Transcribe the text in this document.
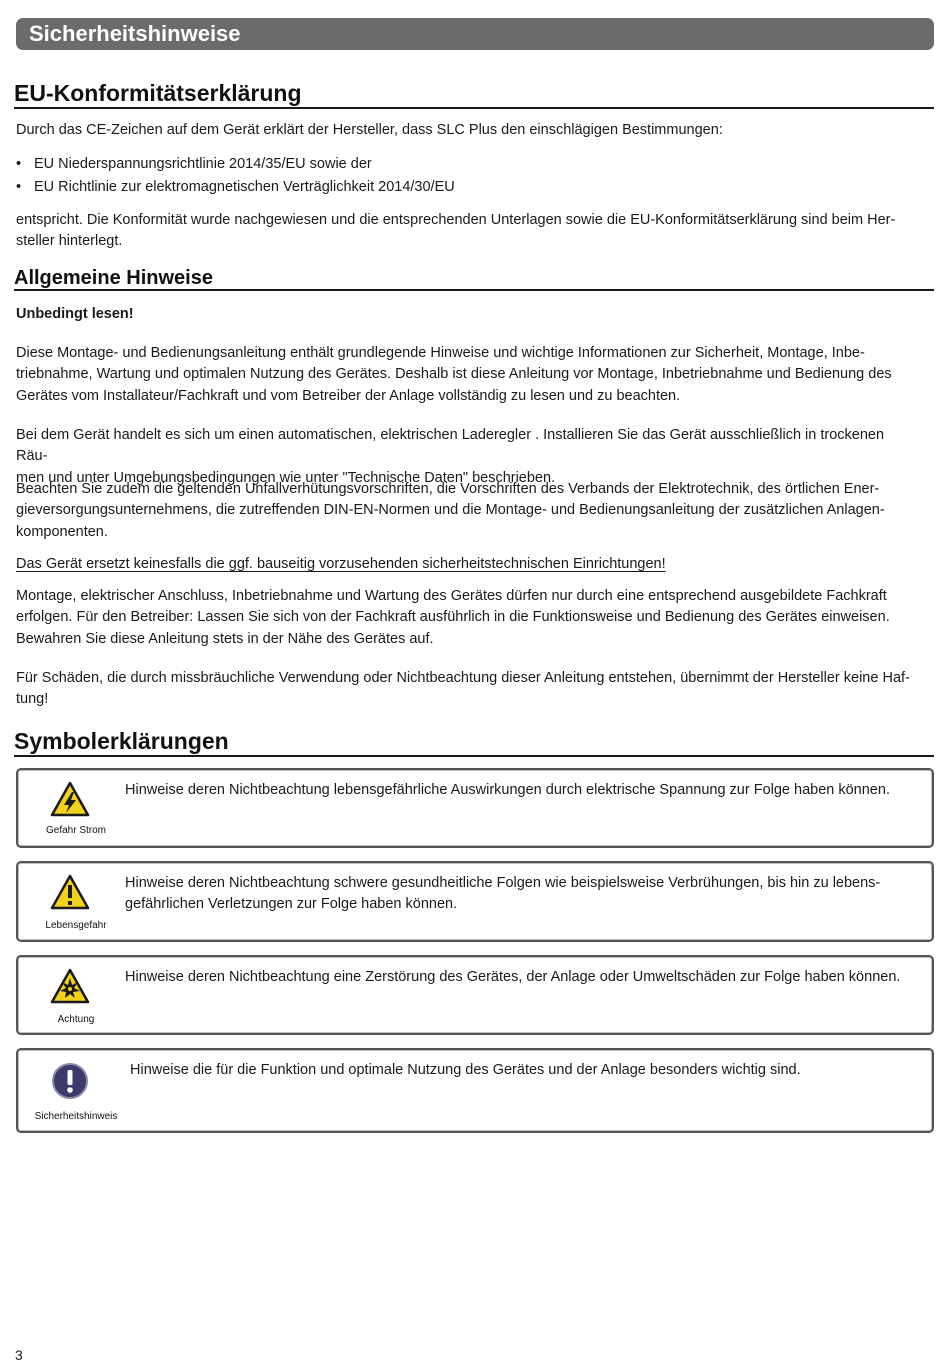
Sicherheitshinweise
EU-Konformitätserklärung

Durch das CE-Zeichen auf dem Gerät erklärt der Hersteller, dass SLC Plus den einschlägigen Bestimmungen:

• EU Niederspannungsrichtlinie 2014/35/EU sowie der
• EU Richtlinie zur elektromagnetischen Verträglichkeit 2014/30/EU

entspricht. Die Konformität wurde nachgewiesen und die entsprechenden Unterlagen sowie die EU-Konformitätserklärung sind beim Her-
steller hinterlegt.

Allgemeine Hinweise

Unbedingt lesen!

Diese Montage- und Bedienungsanleitung enthält grundlegende Hinweise und wichtige Informationen zur Sicherheit, Montage, Inbe-
triebnahme, Wartung und optimalen Nutzung des Gerätes. Deshalb ist diese Anleitung vor Montage, Inbetriebnahme und Bedienung des
Gerätes vom Installateur/Fachkraft und vom Betreiber der Anlage vollständig zu lesen und zu beachten.

Bei dem Gerät handelt es sich um einen automatischen, elektrischen Laderegler . Installieren Sie das Gerät ausschließlich in trockenen Räu-
men und unter Umgebungsbedingungen wie unter "Technische Daten" beschrieben.

Beachten Sie zudem die geltenden Unfallverhütungsvorschriften, die Vorschriften des Verbands der Elektrotechnik, des örtlichen Ener-
gieversorgungsunternehmens, die zutreffenden DIN-EN-Normen und die Montage- und Bedienungsanleitung der zusätzlichen Anlagen-
komponenten.

Das Gerät ersetzt keinesfalls die ggf. bauseitig vorzusehenden sicherheitstechnischen Einrichtungen!

Montage, elektrischer Anschluss, Inbetriebnahme und Wartung des Gerätes dürfen nur durch eine entsprechend ausgebildete Fachkraft
erfolgen. Für den Betreiber: Lassen Sie sich von der Fachkraft ausführlich in die Funktionsweise und Bedienung des Gerätes einweisen.
Bewahren Sie diese Anleitung stets in der Nähe des Gerätes auf.

Für Schäden, die durch missbräuchliche Verwendung oder Nichtbeachtung dieser Anleitung entstehen, übernimmt der Hersteller keine Haf-
tung!

Symbolerklärungen
Gefahr Strom
Hinweise deren Nichtbeachtung lebensgefährliche Auswirkungen durch elektrische Spannung zur Folge haben können.
Lebensgefahr
Hinweise deren Nichtbeachtung schwere gesundheitliche Folgen wie beispielsweise Verbrühungen, bis hin zu lebens-
gefährlichen Verletzungen zur Folge haben können.
Achtung
Hinweise deren Nichtbeachtung eine Zerstörung des Gerätes, der Anlage oder Umweltschäden zur Folge haben können.
Sicherheitshinweis
Hinweise die für die Funktion und optimale Nutzung des Gerätes und der Anlage besonders wichtig sind.
3
